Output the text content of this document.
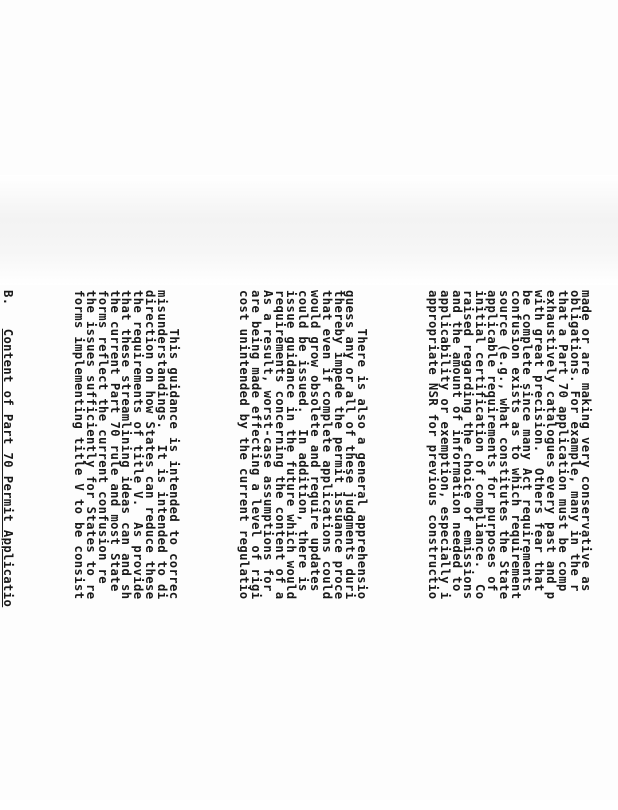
made or are making very conservative as
obligations. For example, many in the r
that a Part 70 application must be comp
exhaustively catalogues every past and p
with great precision.  Others fear that
be complete since many Act requirements
confusion exists as to which requirement
source (e.g., what constitutes the State
applicable requirements for purposes of
initial certification of compliance.  Co
raised regarding the choice of emissions
and the amount of information needed to
applicability or exemption, especially i
appropriate NSR for previous constructio

There is also a general apprehensio
guess any or all of these judgments duri
thereby impede the permit issuance proce
that even if complete applications could
would grow obsolete and require updates
could be issued.  In addition, there is
issue guidance in the future which would
requirements concerning the content of a
As a result, worst-case assumptions for
are being made effecting a level of rigi
cost unintended by the current regulatio

This guidance is intended to correc
misunderstandings.  It is intended to di
direction on how States can reduce these
the requirements of title V.  As provide
that these streamlining ideas can and sh
the current Part 70 rule and most State
forms reflect the current confusion re
the issues sufficiently for States to re
forms implementing title V to be consist

B.   Content of Part 70 Permit Applicatio
